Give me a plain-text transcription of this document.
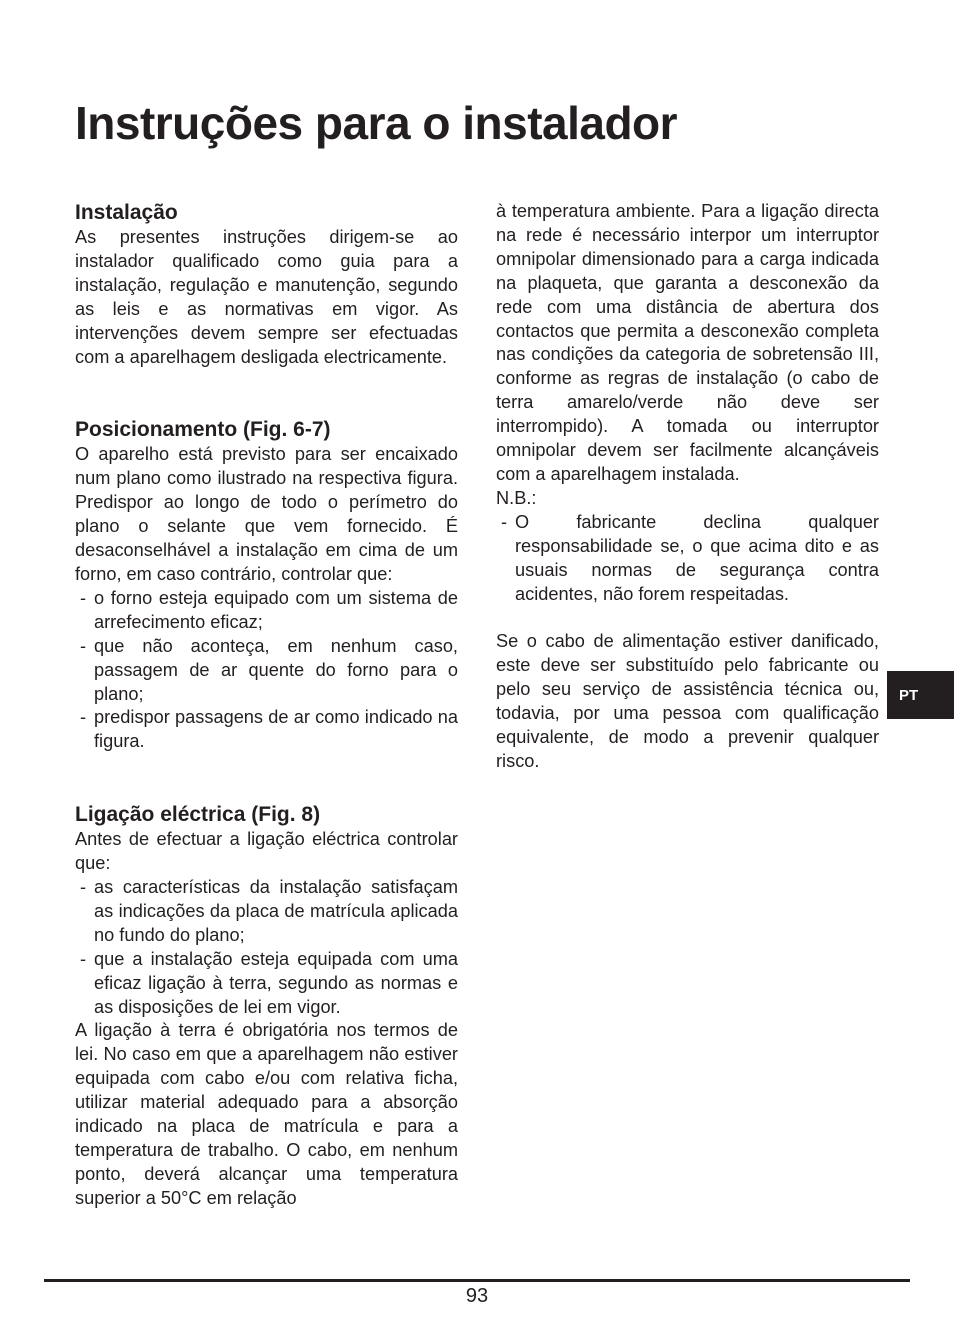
Instruções para o instalador
Instalação

As presentes instruções dirigem-se ao instalador qualificado como guia para a instalação, regulação e manutenção, segundo as leis e as normativas em vigor. As intervenções devem sempre ser efectuadas com a aparelhagem desligada electricamente.

Posicionamento (Fig. 6-7)

O aparelho está previsto para ser encaixado num plano como ilustrado na respectiva figura. Predispor ao longo de todo o perímetro do plano o selante que vem fornecido. É desaconselhável a instalação em cima de um forno, em caso contrário, controlar que:

- o forno esteja equipado com um sistema de arrefecimento eficaz;
- que não aconteça, em nenhum caso, passagem de ar quente do forno para o plano;
- predispor passagens de ar como indicado na figura.
Ligação eléctrica (Fig. 8)

Antes de efectuar a ligação eléctrica controlar que:

- as características da instalação satisfaçam as indicações da placa de matrícula aplicada no fundo do plano;
- que a instalação esteja equipada com uma eficaz ligação à terra, segundo as normas e as disposições de lei em vigor.

A ligação à terra é obrigatória nos termos de lei. No caso em que a aparelhagem não estiver equipada com cabo e/ou com relativa ficha, utilizar material adequado para a absorção indicado na placa de matrícula e para a temperatura de trabalho. O cabo, em nenhum ponto, deverá alcançar uma temperatura superior a 50°C em relação

à temperatura ambiente. Para a ligação directa na rede é necessário interpor um interruptor omnipolar dimensionado para a carga indicada na plaqueta, que garanta a desconexão da rede com uma distância de abertura dos contactos que permita a desconexão completa nas condições da categoria de sobretensão III, conforme as regras de instalação (o cabo de terra amarelo/verde não deve ser interrompido). A tomada ou interruptor omnipolar devem ser facilmente alcançáveis com a aparelhagem instalada.

N.B.:

- O fabricante declina qualquer responsabilidade se, o que acima dito e as usuais normas de segurança contra acidentes, não forem respeitadas.

Se o cabo de alimentação estiver danificado, este deve ser substituído pelo fabricante ou pelo seu serviço de assistência técnica ou, todavia, por uma pessoa com qualificação equivalente, de modo a prevenir qualquer risco.

PT
93
